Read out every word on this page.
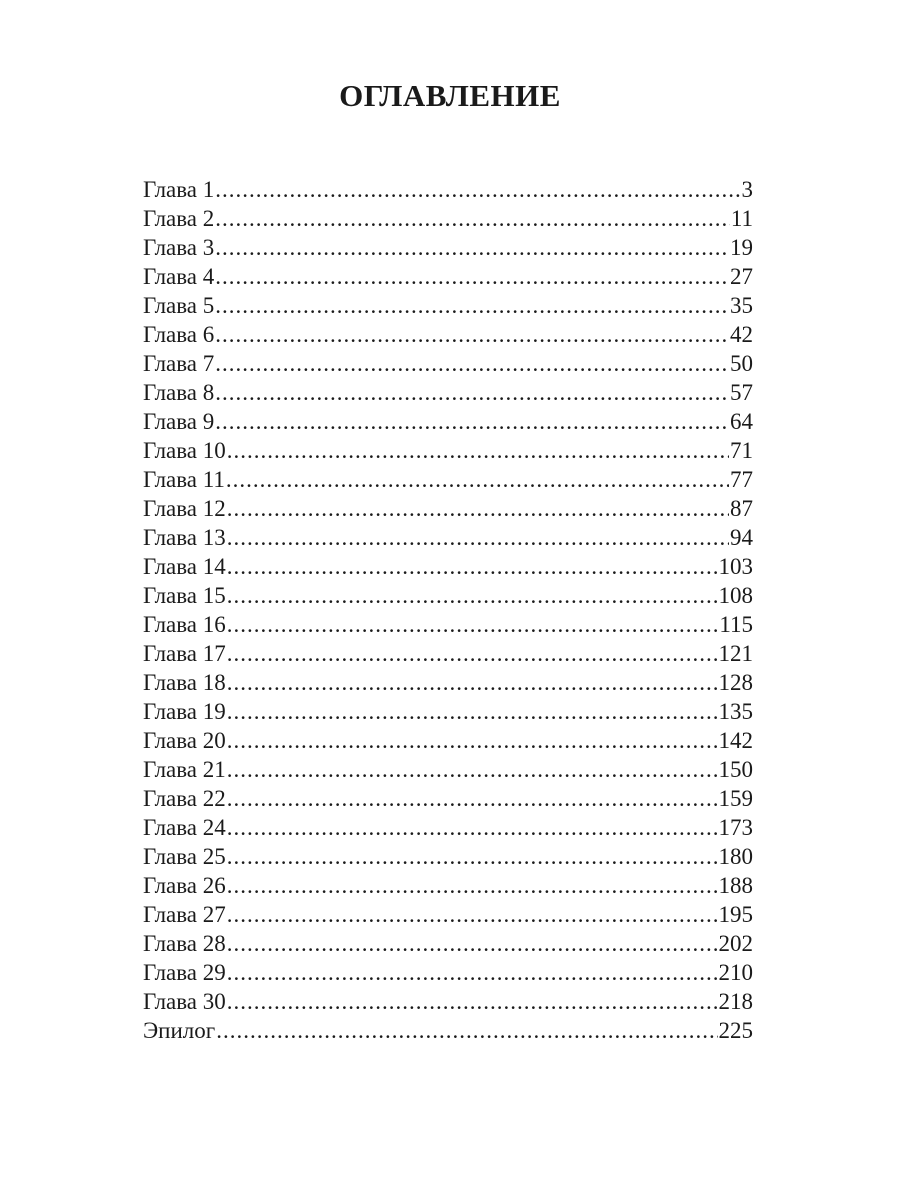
ОГЛАВЛЕНИЕ
Глава 1 .....	3
Глава 2 .....	11
Глава 3 .....	19
Глава 4 .....	27
Глава 5 .....	35
Глава 6 .....	42
Глава 7 .....	50
Глава 8 .....	57
Глава 9 .....	64
Глава 10 .....	71
Глава 11 .....	77
Глава 12 .....	87
Глава 13 .....	94
Глава 14 .....	103
Глава 15 .....	108
Глава 16 .....	115
Глава 17 .....	121
Глава 18 .....	128
Глава 19 .....	135
Глава 20 .....	142
Глава 21 .....	150
Глава 22 .....	159
Глава 24 .....	173
Глава 25 .....	180
Глава 26 .....	188
Глава 27 .....	195
Глава 28 .....	202
Глава 29 .....	210
Глава 30 .....	218
Эпилог .....	225
